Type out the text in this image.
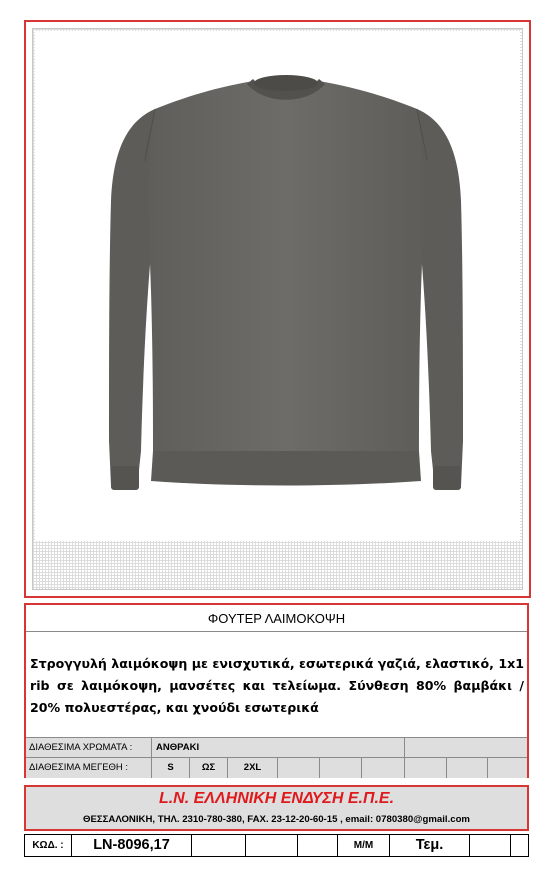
ΦΟΥΤΕΡ ΛΑΙΜΟΚΟΨΗ
Στρογγυλή λαιμόκοψη με ενισχυτικά, εσωτερικά γαζιά, ελαστικό, 1x1 rib σε λαιμόκοψη, μανσέτες και τελείωμα. Σύνθεση 80% βαμβάκι / 20% πολυεστέρας, και χνούδι εσωτερικά
ΔΙΑΘΕΣΙΜΑ ΧΡΩΜΑΤΑ :	ΑΝΘΡΑΚΙ
ΔΙΑΘΕΣΙΜΑ ΜΕΓΕΘΗ :	S	ΩΣ	2XL
L.N. ΕΛΛΗΝΙΚΗ ΕΝΔΥΣΗ Ε.Π.Ε.
ΘΕΣΣΑΛΟΝΙΚΗ, ΤΗΛ. 2310-780-380, FAX. 23-12-20-60-15 , email: 0780380@gmail.com
ΚΩΔ. :	LN-8096,17	Μ/Μ	Τεμ.
